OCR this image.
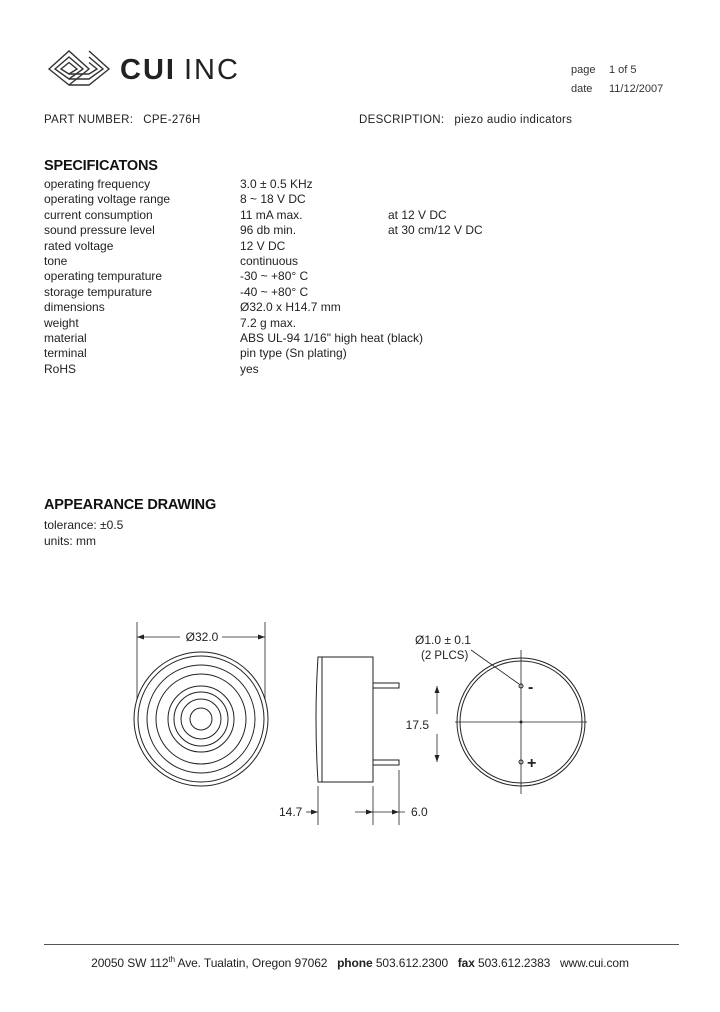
CUI INC	page 1 of 5
date 11/12/2007
PART NUMBER: CPE-276H	DESCRIPTION: piezo audio indicators
SPECIFICATONS
operating frequency	3.0 ± 0.5 KHz
operating voltage range	8 ~ 18 V DC
current consumption	11 mA max.	at 12 V DC
sound pressure level	96 db min.	at 30 cm/12 V DC
rated voltage	12 V DC
tone	continuous
operating tempurature	-30 ~ +80° C
storage tempurature	-40 ~ +80° C
dimensions	Ø32.0 x H14.7 mm
weight	7.2 g max.
material	ABS UL-94 1/16" high heat (black)
terminal	pin type (Sn plating)
RoHS	yes
APPEARANCE DRAWING
tolerance: ±0.5
units: mm
Ø32.0
14.7	6.0
17.5
Ø1.0 ± 0.1
(2 PLCS)
-
+
20050 SW 112th Ave. Tualatin, Oregon 97062 phone 503.612.2300 fax 503.612.2383 www.cui.com
